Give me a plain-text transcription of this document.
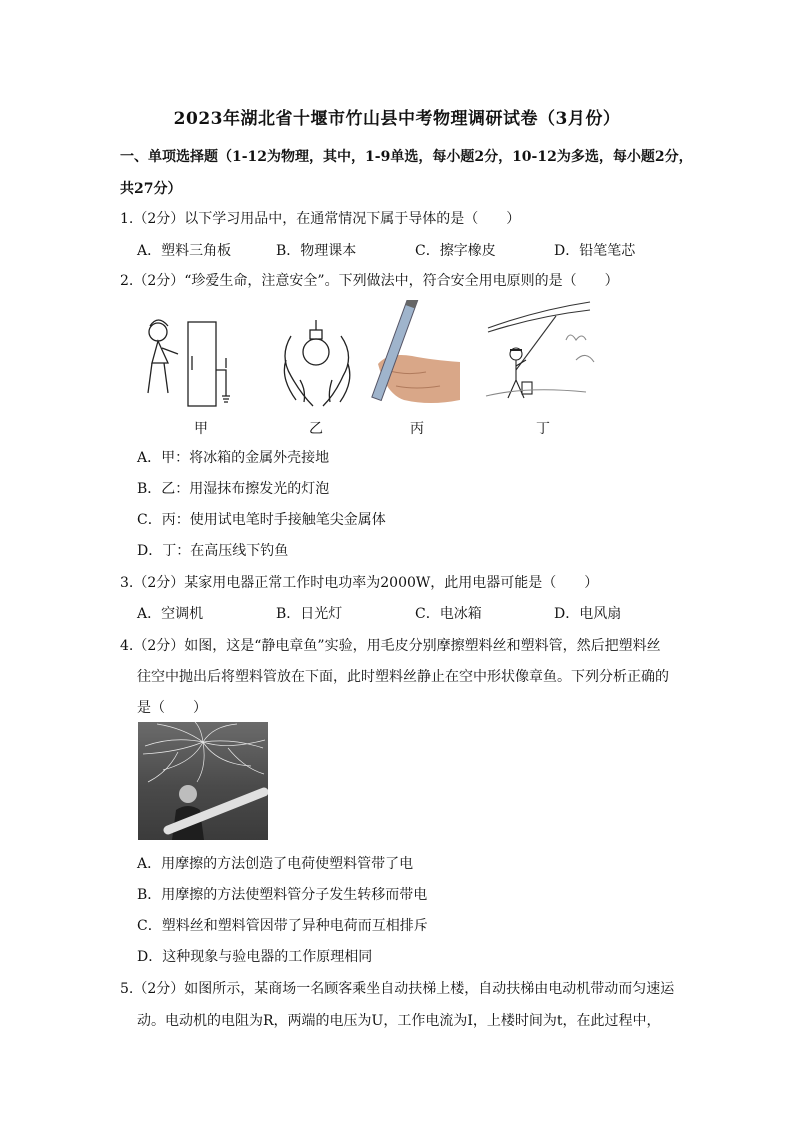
2023年湖北省十堰市竹山县中考物理调研试卷（3月份）
一、单项选择题（1-12为物理，其中，1-9单选，每小题2分，10-12为多选，每小题2分，
共27分）
1.（2分）以下学习用品中，在通常情况下属于导体的是（　　）
A．塑料三角板	B．物理课本	C．擦字橡皮	D．铅笔笔芯
2.（2分）“珍爱生命，注意安全”。下列做法中，符合安全用电原则的是（　　）
甲	乙	丙	丁
A．甲：将冰箱的金属外壳接地
B．乙：用湿抹布擦发光的灯泡
C．丙：使用试电笔时手接触笔尖金属体
D．丁：在高压线下钓鱼
3.（2分）某家用电器正常工作时电功率为2000W，此用电器可能是（　　）
A．空调机	B．日光灯	C．电冰箱	D．电风扇
4.（2分）如图，这是“静电章鱼”实验，用毛皮分别摩擦塑料丝和塑料管，然后把塑料丝
往空中抛出后将塑料管放在下面，此时塑料丝静止在空中形状像章鱼。下列分析正确的
是（　　）
A．用摩擦的方法创造了电荷使塑料管带了电
B．用摩擦的方法使塑料管分子发生转移而带电
C．塑料丝和塑料管因带了异种电荷而互相排斥
D．这种现象与验电器的工作原理相同
5.（2分）如图所示，某商场一名顾客乘坐自动扶梯上楼，自动扶梯由电动机带动而匀速运
动。电动机的电阻为R，两端的电压为U，工作电流为I，上楼时间为t，在此过程中，
